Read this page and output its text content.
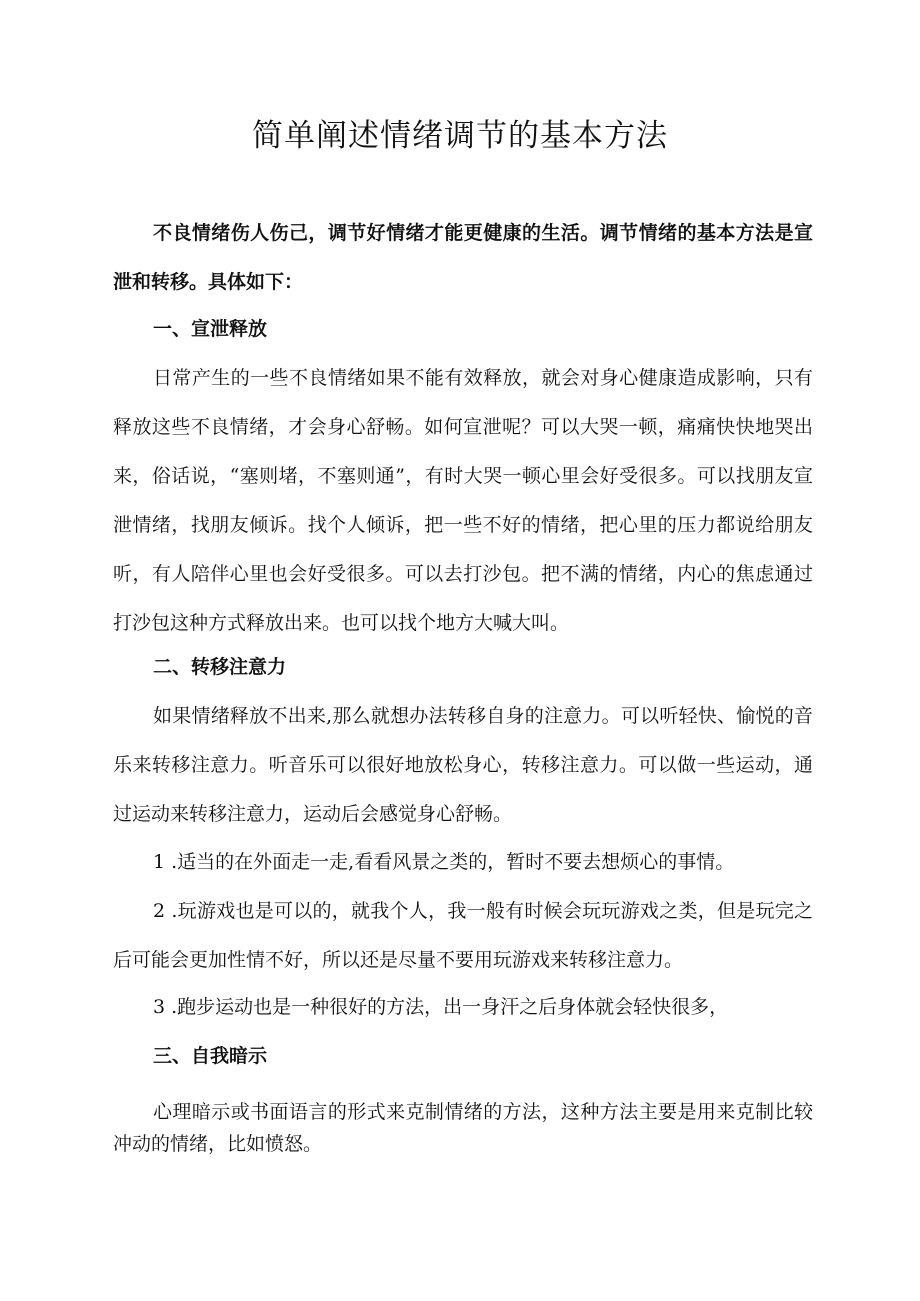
简单阐述情绪调节的基本方法

不良情绪伤人伤己，调节好情绪才能更健康的生活。调节情绪的基本方法是宣泄和转移。具体如下：

一、宣泄释放

日常产生的一些不良情绪如果不能有效释放，就会对身心健康造成影响，只有释放这些不良情绪，才会身心舒畅。如何宣泄呢？可以大哭一顿，痛痛快快地哭出来，俗话说，“塞则堵，不塞则通”，有时大哭一顿心里会好受很多。可以找朋友宣泄情绪，找朋友倾诉。找个人倾诉，把一些不好的情绪，把心里的压力都说给朋友听，有人陪伴心里也会好受很多。可以去打沙包。把不满的情绪，内心的焦虑通过打沙包这种方式释放出来。也可以找个地方大喊大叫。

二、转移注意力

如果情绪释放不出来,那么就想办法转移自身的注意力。可以听轻快、愉悦的音乐来转移注意力。听音乐可以很好地放松身心，转移注意力。可以做一些运动，通过运动来转移注意力，运动后会感觉身心舒畅。

1 .适当的在外面走一走,看看风景之类的，暂时不要去想烦心的事情。

2 .玩游戏也是可以的，就我个人，我一般有时候会玩玩游戏之类，但是玩完之后可能会更加性情不好，所以还是尽量不要用玩游戏来转移注意力。

3 .跑步运动也是一种很好的方法，出一身汗之后身体就会轻快很多，

三、自我暗示

心理暗示或书面语言的形式来克制情绪的方法，这种方法主要是用来克制比较冲动的情绪，比如愤怒。
